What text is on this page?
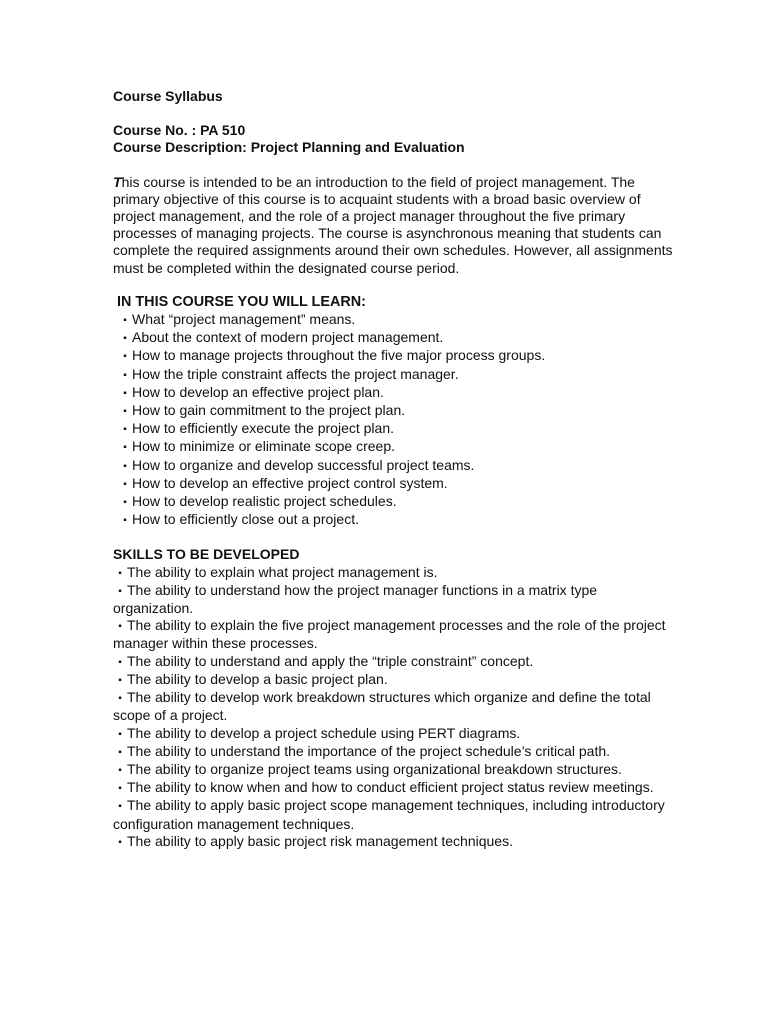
Course Syllabus

Course No. : PA 510

Course Description: Project Planning and Evaluation

This course is intended to be an introduction to the field of project management. The primary objective of this course is to acquaint students with a broad basic overview of project management, and the role of a project manager throughout the five primary processes of managing projects. The course is asynchronous meaning that students can complete the required assignments around their own schedules. However, all assignments must be completed within the designated course period.

IN THIS COURSE YOU WILL LEARN:

▪ What “project management” means.
▪ About the context of modern project management.
▪ How to manage projects throughout the five major process groups.
▪ How the triple constraint affects the project manager.
▪ How to develop an effective project plan.
▪ How to gain commitment to the project plan.
▪ How to efficiently execute the project plan.
▪ How to minimize or eliminate scope creep.
▪ How to organize and develop successful project teams.
▪ How to develop an effective project control system.
▪ How to develop realistic project schedules.
▪ How to efficiently close out a project.

SKILLS TO BE DEVELOPED

▪ The ability to explain what project management is.
▪ The ability to understand how the project manager functions in a matrix type organization.
▪ The ability to explain the five project management processes and the role of the project manager within these processes.
▪ The ability to understand and apply the “triple constraint” concept.
▪ The ability to develop a basic project plan.
▪ The ability to develop work breakdown structures which organize and define the total scope of a project.
▪ The ability to develop a project schedule using PERT diagrams.
▪ The ability to understand the importance of the project schedule’s critical path.
▪ The ability to organize project teams using organizational breakdown structures.
▪ The ability to know when and how to conduct efficient project status review meetings.
▪ The ability to apply basic project scope management techniques, including introductory configuration management techniques.
▪ The ability to apply basic project risk management techniques.
